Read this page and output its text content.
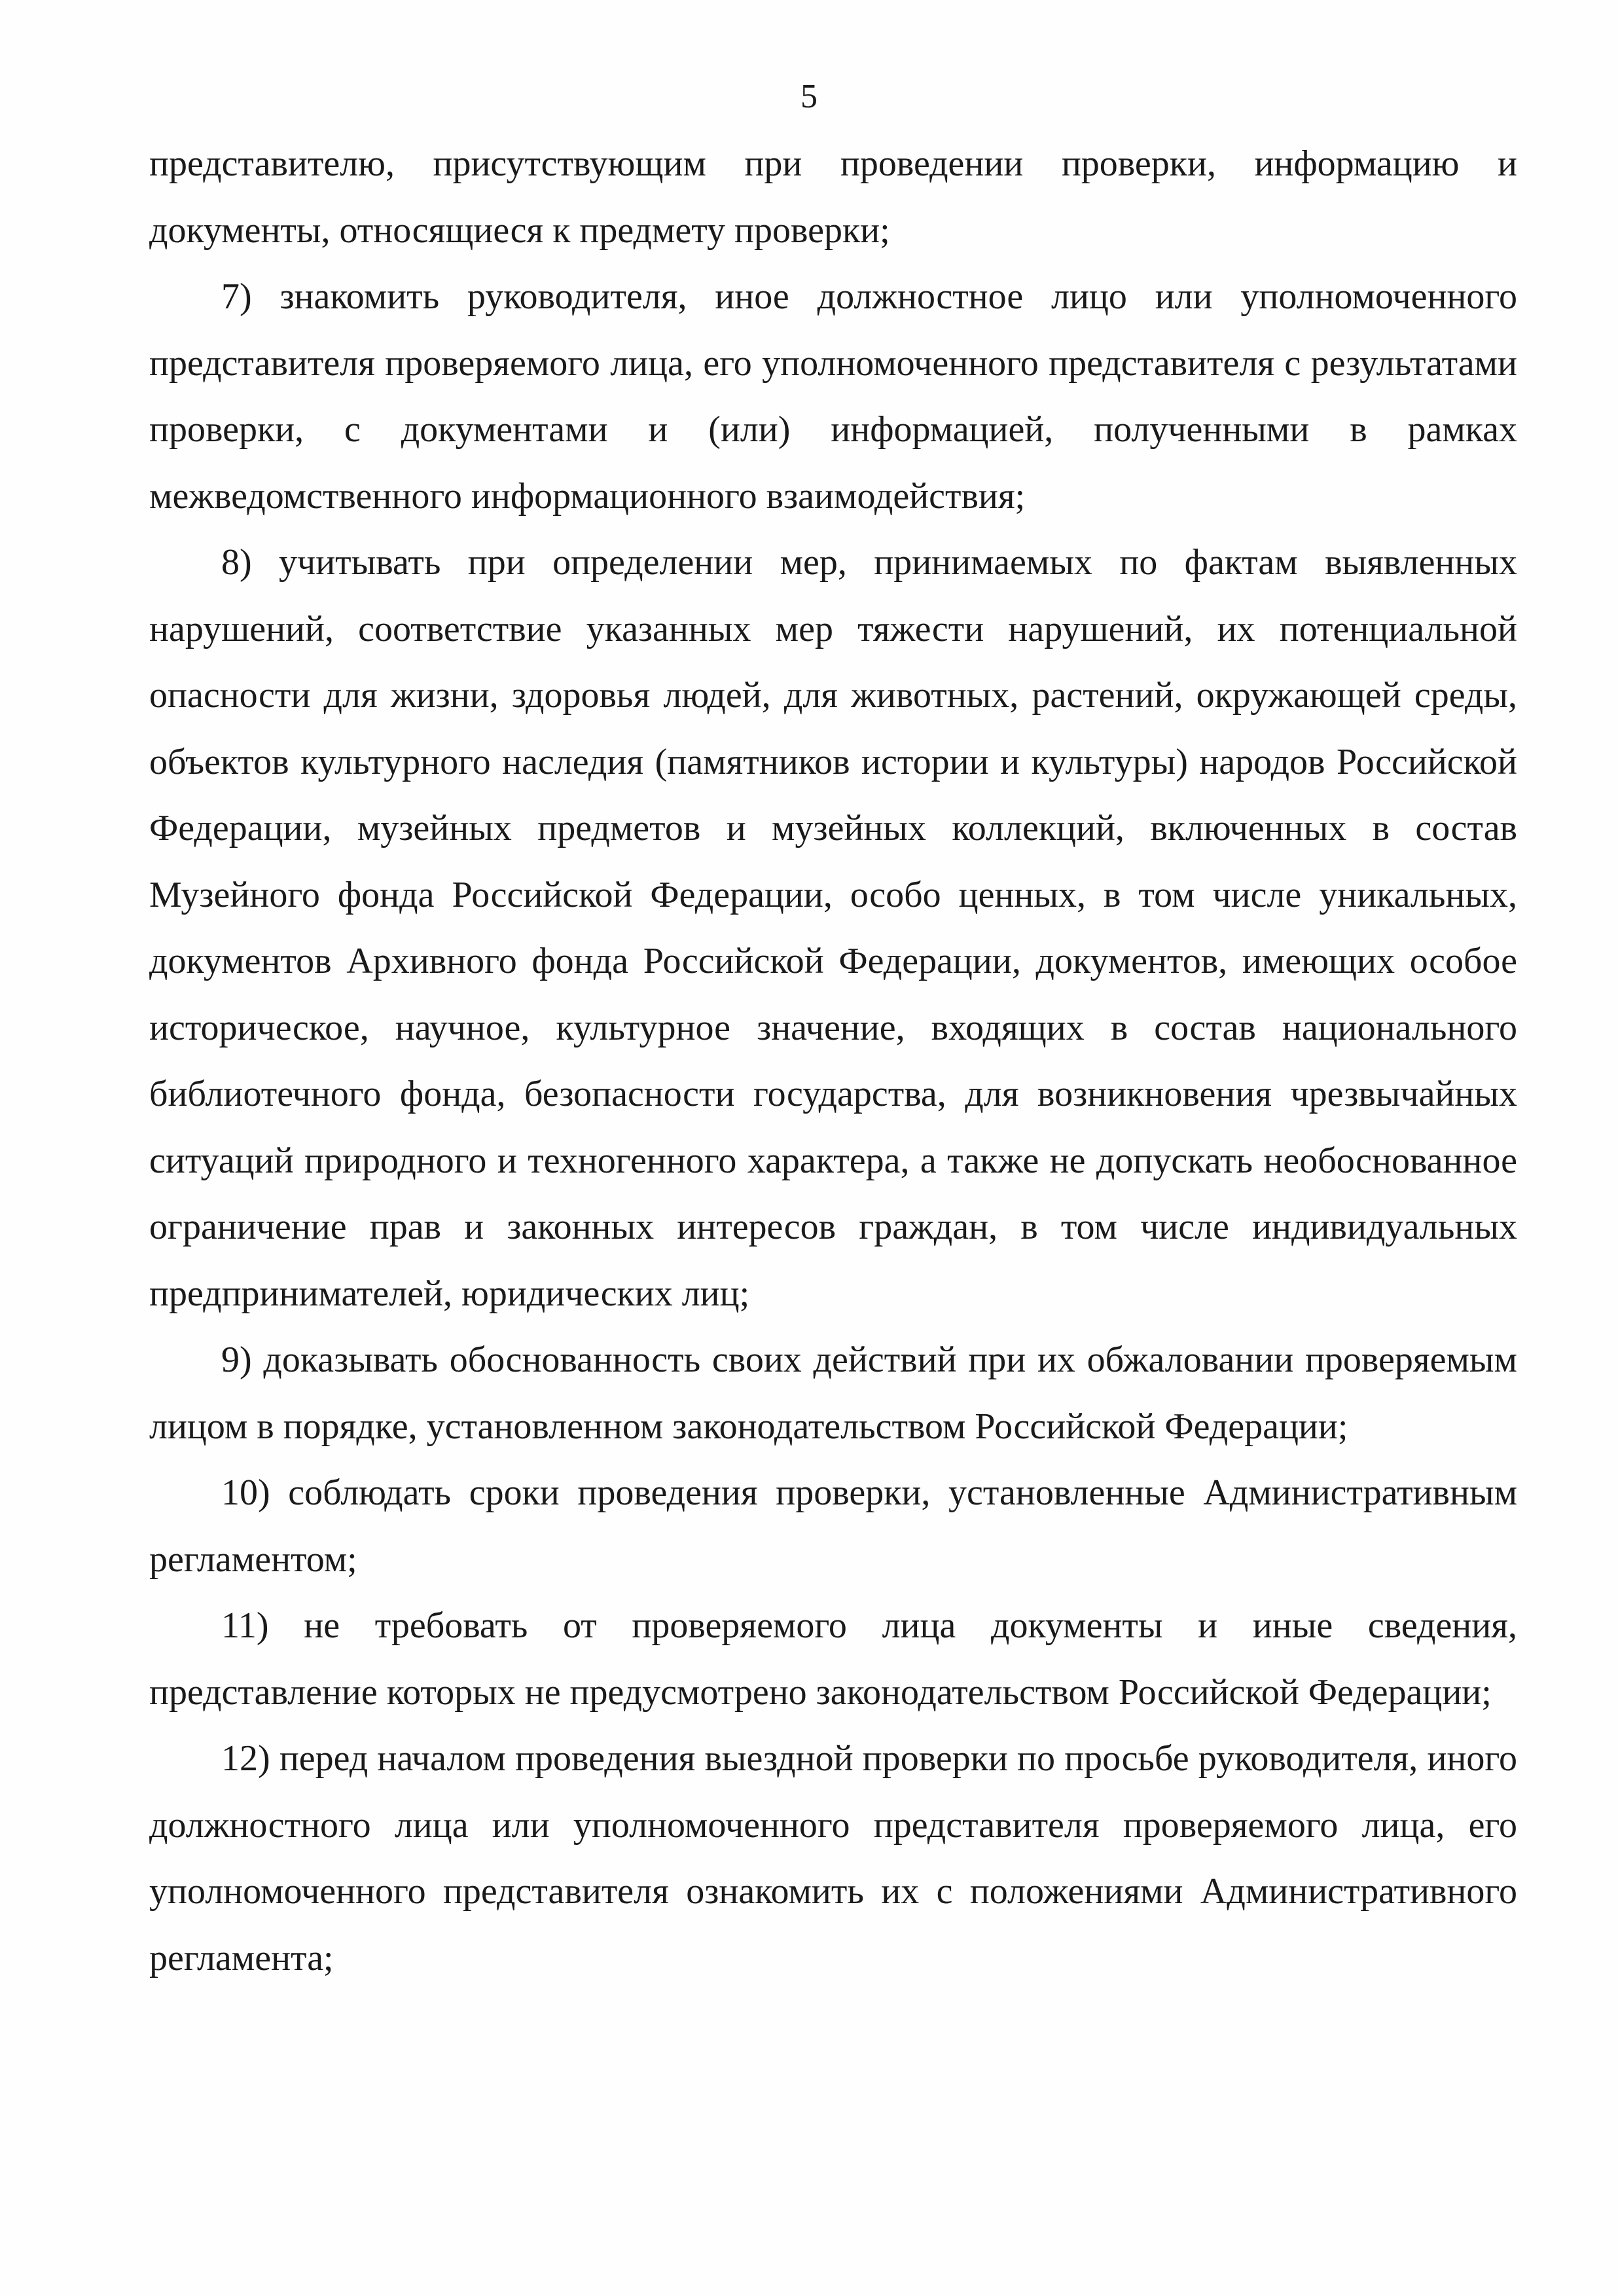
5

представителю, присутствующим при проведении проверки, информацию и документы, относящиеся к предмету проверки;

7) знакомить руководителя, иное должностное лицо или уполномоченного представителя проверяемого лица, его уполномоченного представителя с результатами проверки, с документами и (или) информацией, полученными в рамках межведомственного информационного взаимодействия;

8) учитывать при определении мер, принимаемых по фактам выявленных нарушений, соответствие указанных мер тяжести нарушений, их потенциальной опасности для жизни, здоровья людей, для животных, растений, окружающей среды, объектов культурного наследия (памятников истории и культуры) народов Российской Федерации, музейных предметов и музейных коллекций, включенных в состав Музейного фонда Российской Федерации, особо ценных, в том числе уникальных, документов Архивного фонда Российской Федерации, документов, имеющих особое историческое, научное, культурное значение, входящих в состав национального библиотечного фонда, безопасности государства, для возникновения чрезвычайных ситуаций природного и техногенного характера, а также не допускать необоснованное ограничение прав и законных интересов граждан, в том числе индивидуальных предпринимателей, юридических лиц;

9) доказывать обоснованность своих действий при их обжаловании проверяемым лицом в порядке, установленном законодательством Российской Федерации;

10) соблюдать сроки проведения проверки, установленные Административным регламентом;

11) не требовать от проверяемого лица документы и иные сведения, представление которых не предусмотрено законодательством Российской Федерации;

12) перед началом проведения выездной проверки по просьбе руководителя, иного должностного лица или уполномоченного представителя проверяемого лица, его уполномоченного представителя ознакомить их с положениями Административного регламента;
